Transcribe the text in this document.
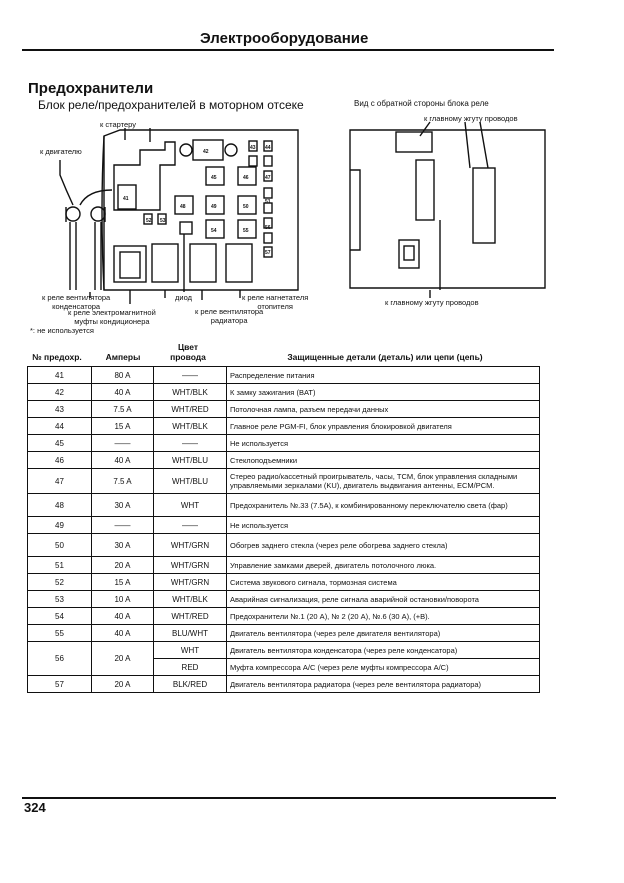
Электрооборудование
Предохранители
Блок реле/предохранителей в моторном отсеке	Вид с обратной стороны блока реле
41
42
43 44
45	46	47
48	49	50
51
52 53
54	55	56
57
к стартеру
к двигателю
к реле вентилятора
конденсатора
к реле электромагнитной
муфты кондиционера
диод	к реле нагнетателя
отопителя
к реле вентилятора
радиатора
к главному жгуту проводов
к главному жгуту проводов
*: не используется
№ предохр.	Амперы
Цвет
провода	Защищенные детали (деталь) или цепи (цепь)
41	80 A	——	Распределение питания
42	40 A	WHT/BLK	К замку зажигания (BAT)
43	7.5 A	WHT/RED	Потолочная лампа, разъем передачи данных
44	15 A	WHT/BLK	Главное реле PGM-FI, блок управления блокировкой двигателя
45	——	——	Не используется
46	40 A	WHT/BLU	Стеклоподъемники
47	7.5 A	WHT/BLU	Стерео радио/кассетный проигрыватель, часы, TCM, блок управления складными управляемыми зеркалами (KU), двигатель выдвигания антенны, ECM/PCM.
48	30 A	WHT	Предохранитель №.33 (7.5A), к комбинированному переключателю света (фар)
49	——	——	Не используется
50	30 A	WHT/GRN	Обогрев заднего стекла (через реле обогрева заднего стекла)
51	20 A	WHT/GRN	Управление замками дверей, двигатель потолочного люка.
52	15 A	WHT/GRN	Система звукового сигнала, тормозная система
53	10 A	WHT/BLK	Аварийная сигнализация, реле сигнала аварийной остановки/поворота
54	40 A	WHT/RED	Предохранители №.1 (20 A), № 2 (20 A), №.6 (30 A), (+B).
55	40 A	BLU/WHT	Двигатель вентилятора (через реле двигателя вентилятора)
56	20 A	WHT	Двигатель вентилятора конденсатора (через реле конденсатора)
		RED	Муфта компрессора А/С (через реле муфты компрессора А/С)
57	20 A	BLK/RED	Двигатель вентилятора радиатора (через реле вентилятора радиатора)
324
